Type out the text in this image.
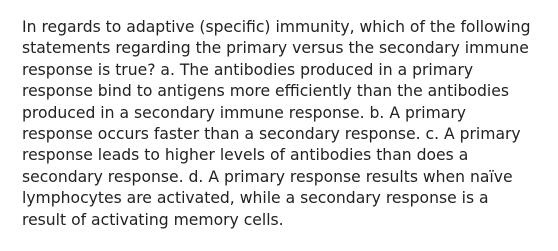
In regards to adaptive (specific) immunity, which of the following
statements regarding the primary versus the secondary immune
response is true? a. The antibodies produced in a primary
response bind to antigens more efficiently than the antibodies
produced in a secondary immune response. b. A primary
response occurs faster than a secondary response. c. A primary
response leads to higher levels of antibodies than does a
secondary response. d. A primary response results when naïve
lymphocytes are activated, while a secondary response is a
result of activating memory cells.
